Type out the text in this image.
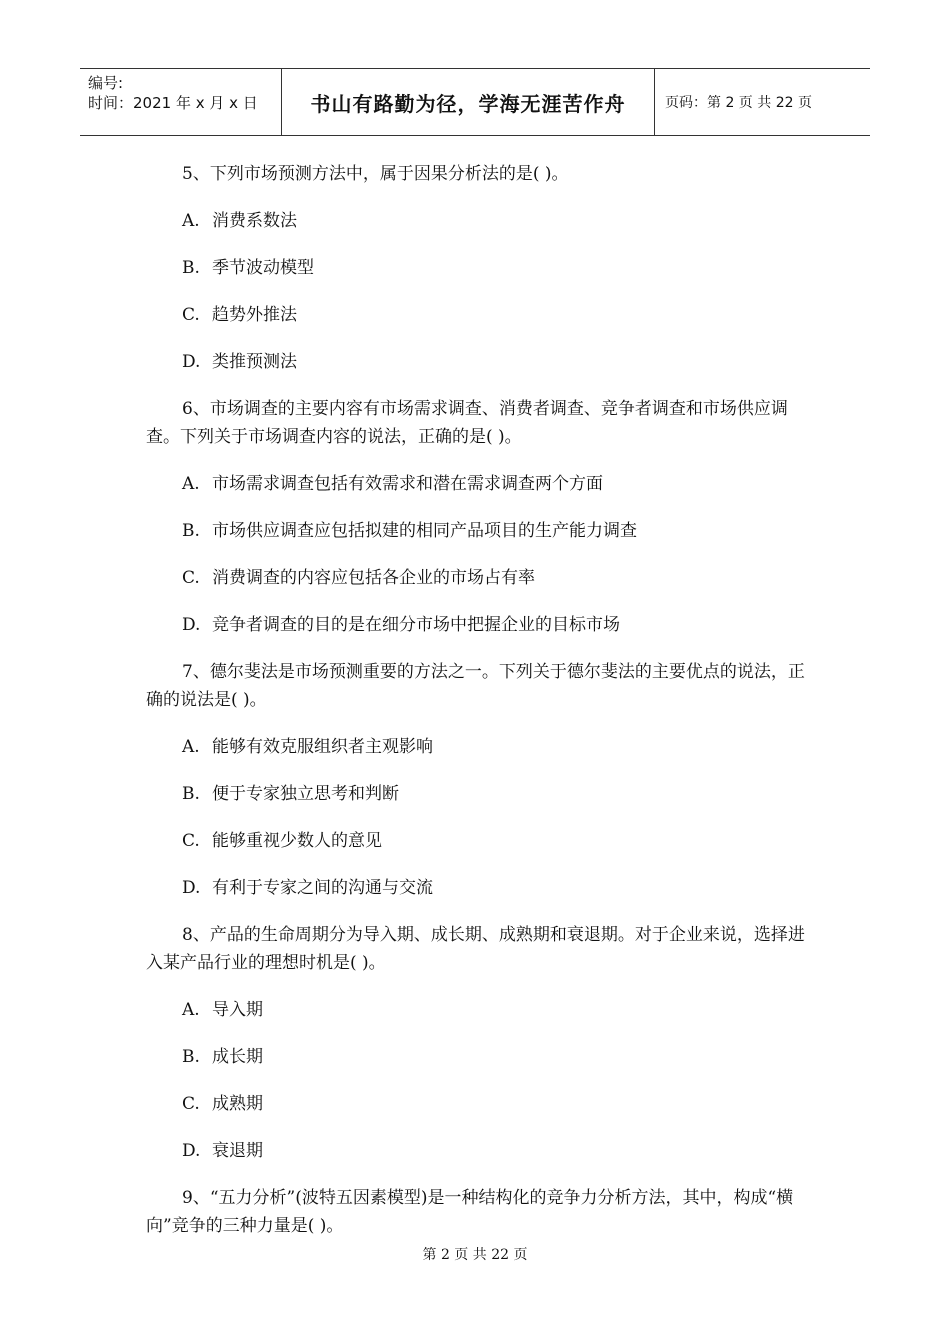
编号:
时间：2021 年 x 月 x 日	书山有路勤为径，学海无涯苦作舟	页码：第 2 页 共 22 页

5、下列市场预测方法中，属于因果分析法的是( )。

A. 消费系数法

B. 季节波动模型

C. 趋势外推法

D. 类推预测法

6、市场调查的主要内容有市场需求调查、消费者调查、竞争者调查和市场供应调查。下列关于市场调查内容的说法，正确的是( )。

A. 市场需求调查包括有效需求和潜在需求调查两个方面

B. 市场供应调查应包括拟建的相同产品项目的生产能力调查

C. 消费调查的内容应包括各企业的市场占有率

D. 竞争者调查的目的是在细分市场中把握企业的目标市场

7、德尔斐法是市场预测重要的方法之一。下列关于德尔斐法的主要优点的说法，正确的说法是( )。

A. 能够有效克服组织者主观影响

B. 便于专家独立思考和判断

C. 能够重视少数人的意见

D. 有利于专家之间的沟通与交流

8、产品的生命周期分为导入期、成长期、成熟期和衰退期。对于企业来说，选择进入某产品行业的理想时机是( )。

A. 导入期

B. 成长期

C. 成熟期

D. 衰退期

9、“五力分析”(波特五因素模型)是一种结构化的竞争力分析方法，其中，构成“横向”竞争的三种力量是( )。

第 2 页 共 22 页
